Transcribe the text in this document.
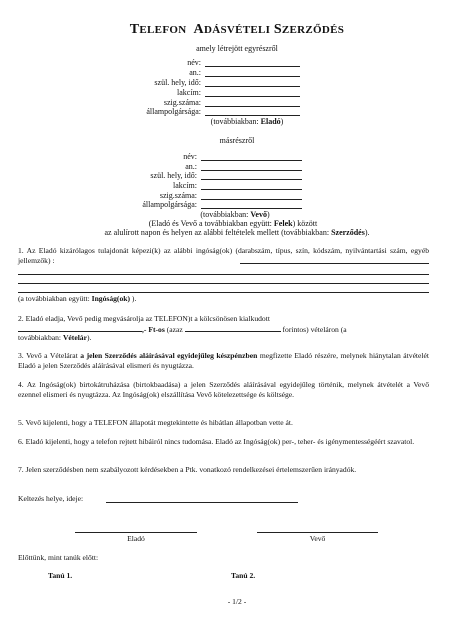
TELEFON ADÁSVÉTELI SZERZŐDÉS
amely létrejött egyrészről
név:
an.:
szül. hely, idő:
lakcím:
szig.száma:
állampolgársága:
(továbbiakban: Eladó)
másrészről
név:
an.:
szül. hely, idő:
lakcím:
szig.száma:
állampolgársága:
(továbbiakban: Vevő)
(Eladó és Vevő a továbbiakban együtt: Felek) között
az alulírott napon és helyen az alábbi feltételek mellett (továbbiakban: Szerződés).
1. Az Eladó kizárólagos tulajdonát képezi(k) az alábbi ingóság(ok) (darabszám, típus, szín, kódszám, nyilvántartási szám, egyéb jellemzők) :
(a továbbiakban együtt: Ingóság(ok) ).
2. Eladó eladja, Vevő pedig megvásárolja az TELEFON)t a kölcsönösen kialkudott
,- Ft-os (azaz	forintos) vételáron (a
továbbiakban: Vételár).
3. Vevő a Vételárat a jelen Szerződés aláírásával egyidejűleg készpénzben megfizette Eladó részére, melynek hiánytalan átvételét Eladó a jelen Szerződés aláírásával elismeri és nyugtázza.
4. Az Ingóság(ok) birtokátruházása (birtokbaadása) a jelen Szerződés aláírásával egyidejűleg történik, melynek átvételét a Vevő ezennel elismeri és nyugtázza. Az Ingóság(ok) elszállítása Vevő kötelezettsége és költsége.
5. Vevő kijelenti, hogy a TELEFON állapotát megtekintette és hibátlan állapotban vette át.
6. Eladó kijelenti, hogy a telefon rejtett hibáiról nincs tudomása. Eladó az Ingóság(ok) per-, teher- és igénymentességéért szavatol.
7. Jelen szerződésben nem szabályozott kérdésekben a Ptk. vonatkozó rendelkezései értelemszerűen irányadók.
Keltezés helye, ideje:
Eladó	Vevő
Előttünk, mint tanúk előtt:
Tanú 1.	Tanú 2.
- 1/2 -
